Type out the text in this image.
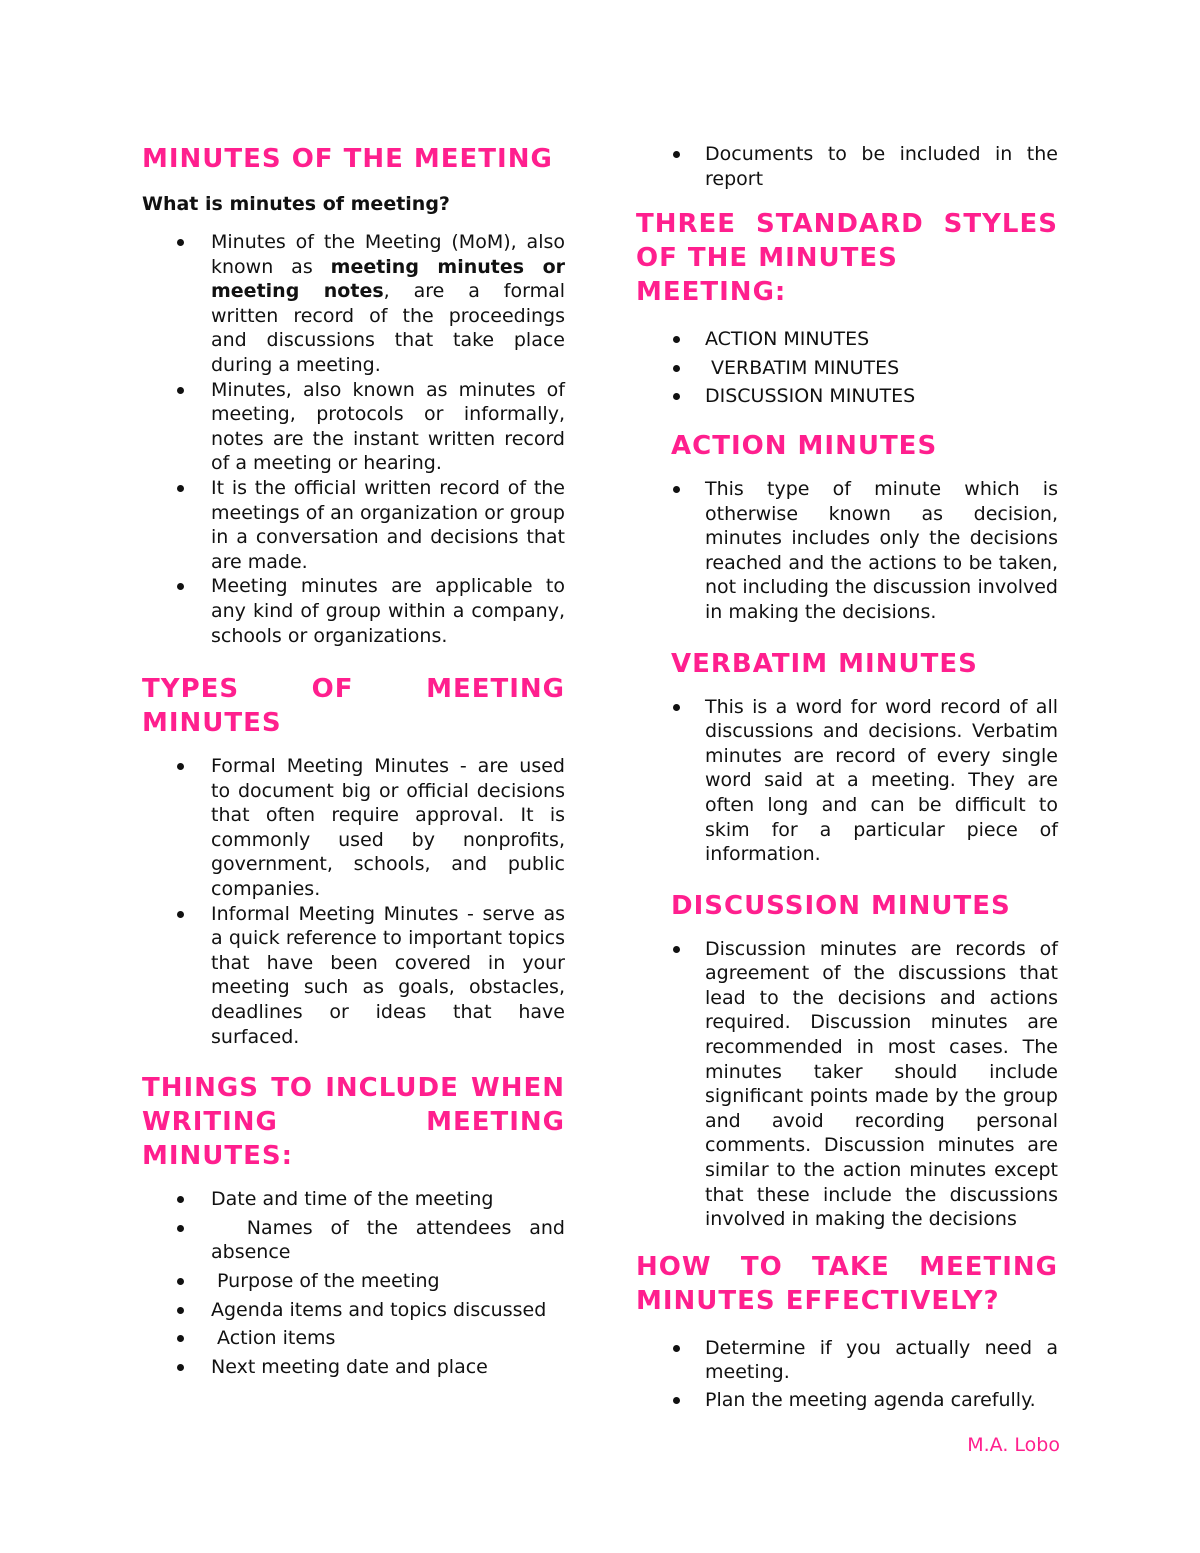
MINUTES OF THE MEETING
What is minutes of meeting?
Minutes of the Meeting (MoM), also known as meeting minutes or meeting notes, are a formal written record of the proceedings and discussions that take place during a meeting.
Minutes, also known as minutes of meeting, protocols or informally, notes are the instant written record of a meeting or hearing.
It is the official written record of the meetings of an organization or group in a conversation and decisions that are made.
Meeting minutes are applicable to any kind of group within a company, schools or organizations.
TYPES OF MEETING
MINUTES
Formal Meeting Minutes - are used to document big or official decisions that often require approval. It is commonly used by nonprofits, government, schools, and public companies.
Informal Meeting Minutes - serve as a quick reference to important topics that have been covered in your meeting such as goals, obstacles, deadlines or ideas that have surfaced.
THINGS TO INCLUDE WHEN
WRITING MEETING
MINUTES:
Date and time of the meeting
Names of the attendees and absence
Purpose of the meeting
Agenda items and topics discussed
Action items
Next meeting date and place
Documents to be included in the report
THREE STANDARD STYLES
OF THE MINUTES MEETING:
ACTION MINUTES
VERBATIM MINUTES
DISCUSSION MINUTES
ACTION MINUTES
This type of minute which is otherwise known as decision, minutes includes only the decisions reached and the actions to be taken, not including the discussion involved in making the decisions.
VERBATIM MINUTES
This is a word for word record of all discussions and decisions. Verbatim minutes are record of every single word said at a meeting. They are often long and can be difficult to skim for a particular piece of information.
DISCUSSION MINUTES
Discussion minutes are records of agreement of the discussions that lead to the decisions and actions required. Discussion minutes are recommended in most cases. The minutes taker should include significant points made by the group and avoid recording personal comments. Discussion minutes are similar to the action minutes except that these include the discussions involved in making the decisions
HOW TO TAKE MEETING
MINUTES EFFECTIVELY?
Determine if you actually need a meeting.
Plan the meeting agenda carefully.
M.A. Lobo
